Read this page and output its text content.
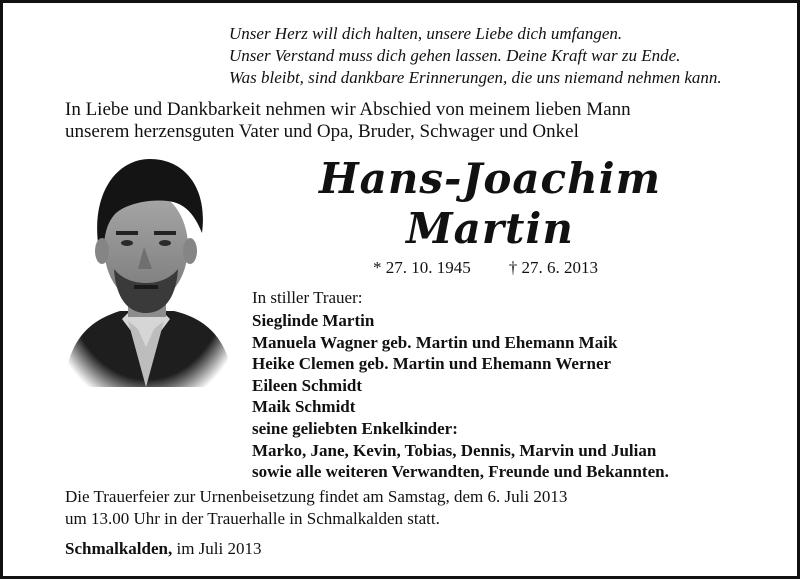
Unser Herz will dich halten, unsere Liebe dich umfangen.
Unser Verstand muss dich gehen lassen. Deine Kraft war zu Ende.
Was bleibt, sind dankbare Erinnerungen, die uns niemand nehmen kann.
In Liebe und Dankbarkeit nehmen wir Abschied von meinem lieben Mann
unserem herzensguten Vater und Opa, Bruder, Schwager und Onkel
Hans-Joachim
Martin
* 27. 10. 1945 † 27. 6. 2013
In stiller Trauer:
Sieglinde Martin
Manuela Wagner geb. Martin und Ehemann Maik
Heike Clemen geb. Martin und Ehemann Werner
Eileen Schmidt
Maik Schmidt
seine geliebten Enkelkinder:
Marko, Jane, Kevin, Tobias, Dennis, Marvin und Julian
sowie alle weiteren Verwandten, Freunde und Bekannten.
Die Trauerfeier zur Urnenbeisetzung findet am Samstag, dem 6. Juli 2013
um 13.00 Uhr in der Trauerhalle in Schmalkalden statt.
Schmalkalden, im Juli 2013
